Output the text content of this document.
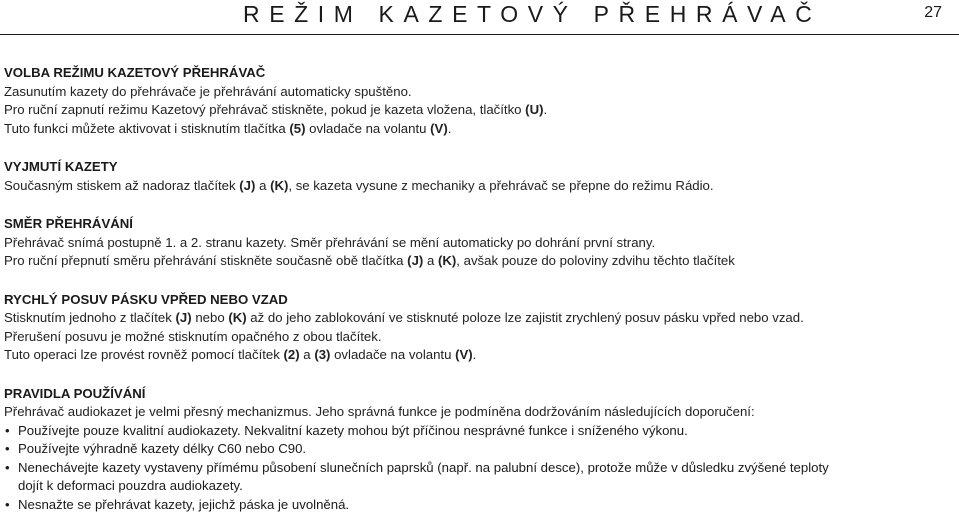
REŽIM KAZETOVÝ PŘEHRÁVAČ	27

VOLBA REŽIMU KAZETOVÝ PŘEHRÁVAČ

Zasunutím kazety do přehrávače je přehrávání automaticky spuštěno.

Pro ruční zapnutí režimu Kazetový přehrávač stiskněte, pokud je kazeta vložena, tlačítko (U).

Tuto funkci můžete aktivovat i stisknutím tlačítka (5) ovladače na volantu (V).

VYJMUTÍ KAZETY

Současným stiskem až nadoraz tlačítek (J) a (K), se kazeta vysune z mechaniky a přehrávač se přepne do režimu Rádio.

SMĚR PŘEHRÁVÁNÍ

Přehrávač snímá postupně 1. a 2. stranu kazety. Směr přehrávání se mění automaticky po dohrání první strany.

Pro ruční přepnutí směru přehrávání stiskněte současně obě tlačítka (J) a (K), avšak pouze do poloviny zdvihu těchto tlačítek

RYCHLÝ POSUV PÁSKU VPŘED NEBO VZAD

Stisknutím jednoho z tlačítek (J) nebo (K) až do jeho zablokování ve stisknuté poloze lze zajistit zrychlený posuv pásku vpřed nebo vzad.

Přerušení posuvu je možné stisknutím opačného z obou tlačítek.

Tuto operaci lze provést rovněž pomocí tlačítek (2) a (3) ovladače na volantu (V).

PRAVIDLA POUŽÍVÁNÍ

Přehrávač audiokazet je velmi přesný mechanizmus. Jeho správná funkce je podmíněna dodržováním následujících doporučení:

• Používejte pouze kvalitní audiokazety. Nekvalitní kazety mohou být příčinou nesprávné funkce i sníženého výkonu.
• Používejte výhradně kazety délky C60 nebo C90.
• Nenechávejte kazety vystaveny přímému působení slunečních paprsků (např. na palubní desce), protože může v důsledku zvýšené teploty
dojít k deformaci pouzdra audiokazety.
• Nesnažte se přehrávat kazety, jejichž páska je uvolněná.
